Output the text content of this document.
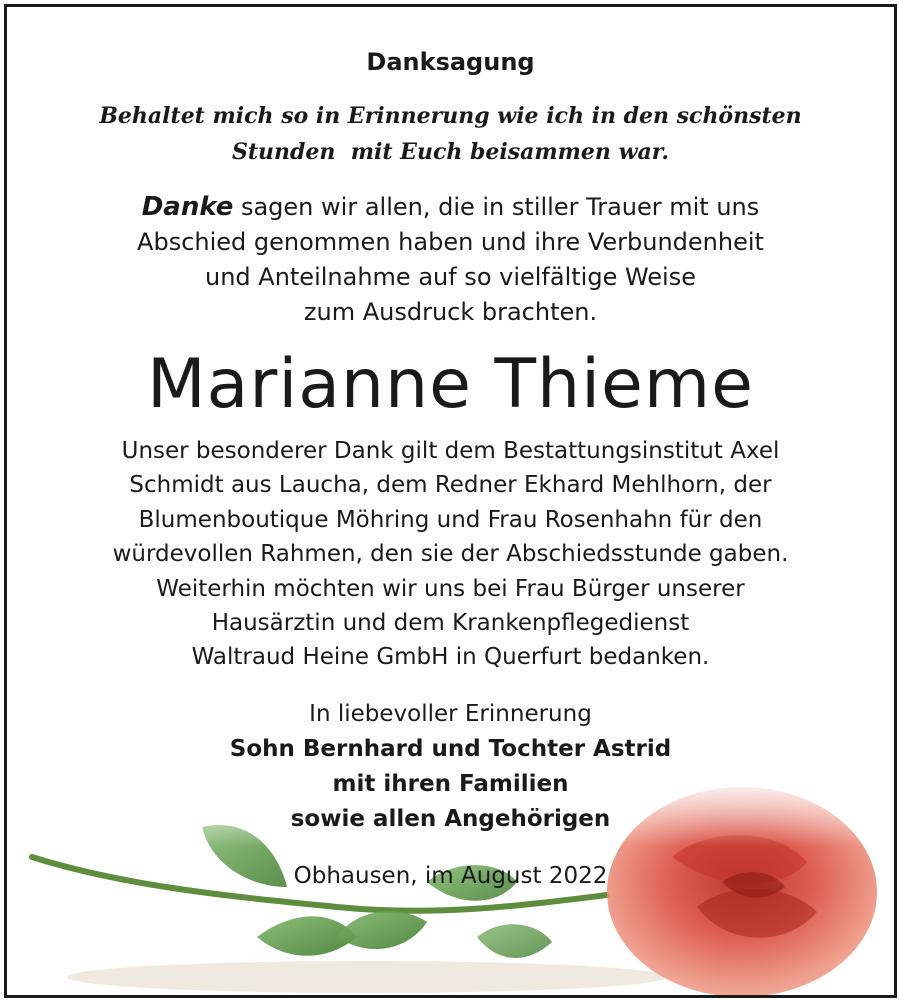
Danksagung
Behaltet mich so in Erinnerung wie ich in den schönsten
Stunden  mit Euch beisammen war.
Danke sagen wir allen, die in stiller Trauer mit uns
Abschied genommen haben und ihre Verbundenheit
und Anteilnahme auf so vielfältige Weise
zum Ausdruck brachten.
Marianne Thieme
Unser besonderer Dank gilt dem Bestattungsinstitut Axel
Schmidt aus Laucha, dem Redner Ekhard Mehlhorn, der
Blumenboutique Möhring und Frau Rosenhahn für den
würdevollen Rahmen, den sie der Abschiedsstunde gaben.
Weiterhin möchten wir uns bei Frau Bürger unserer
Hausärztin und dem Krankenpflegedienst
Waltraud Heine GmbH in Querfurt bedanken.
In liebevoller Erinnerung
Sohn Bernhard und Tochter Astrid
mit ihren Familien
sowie allen Angehörigen
Obhausen, im August 2022
